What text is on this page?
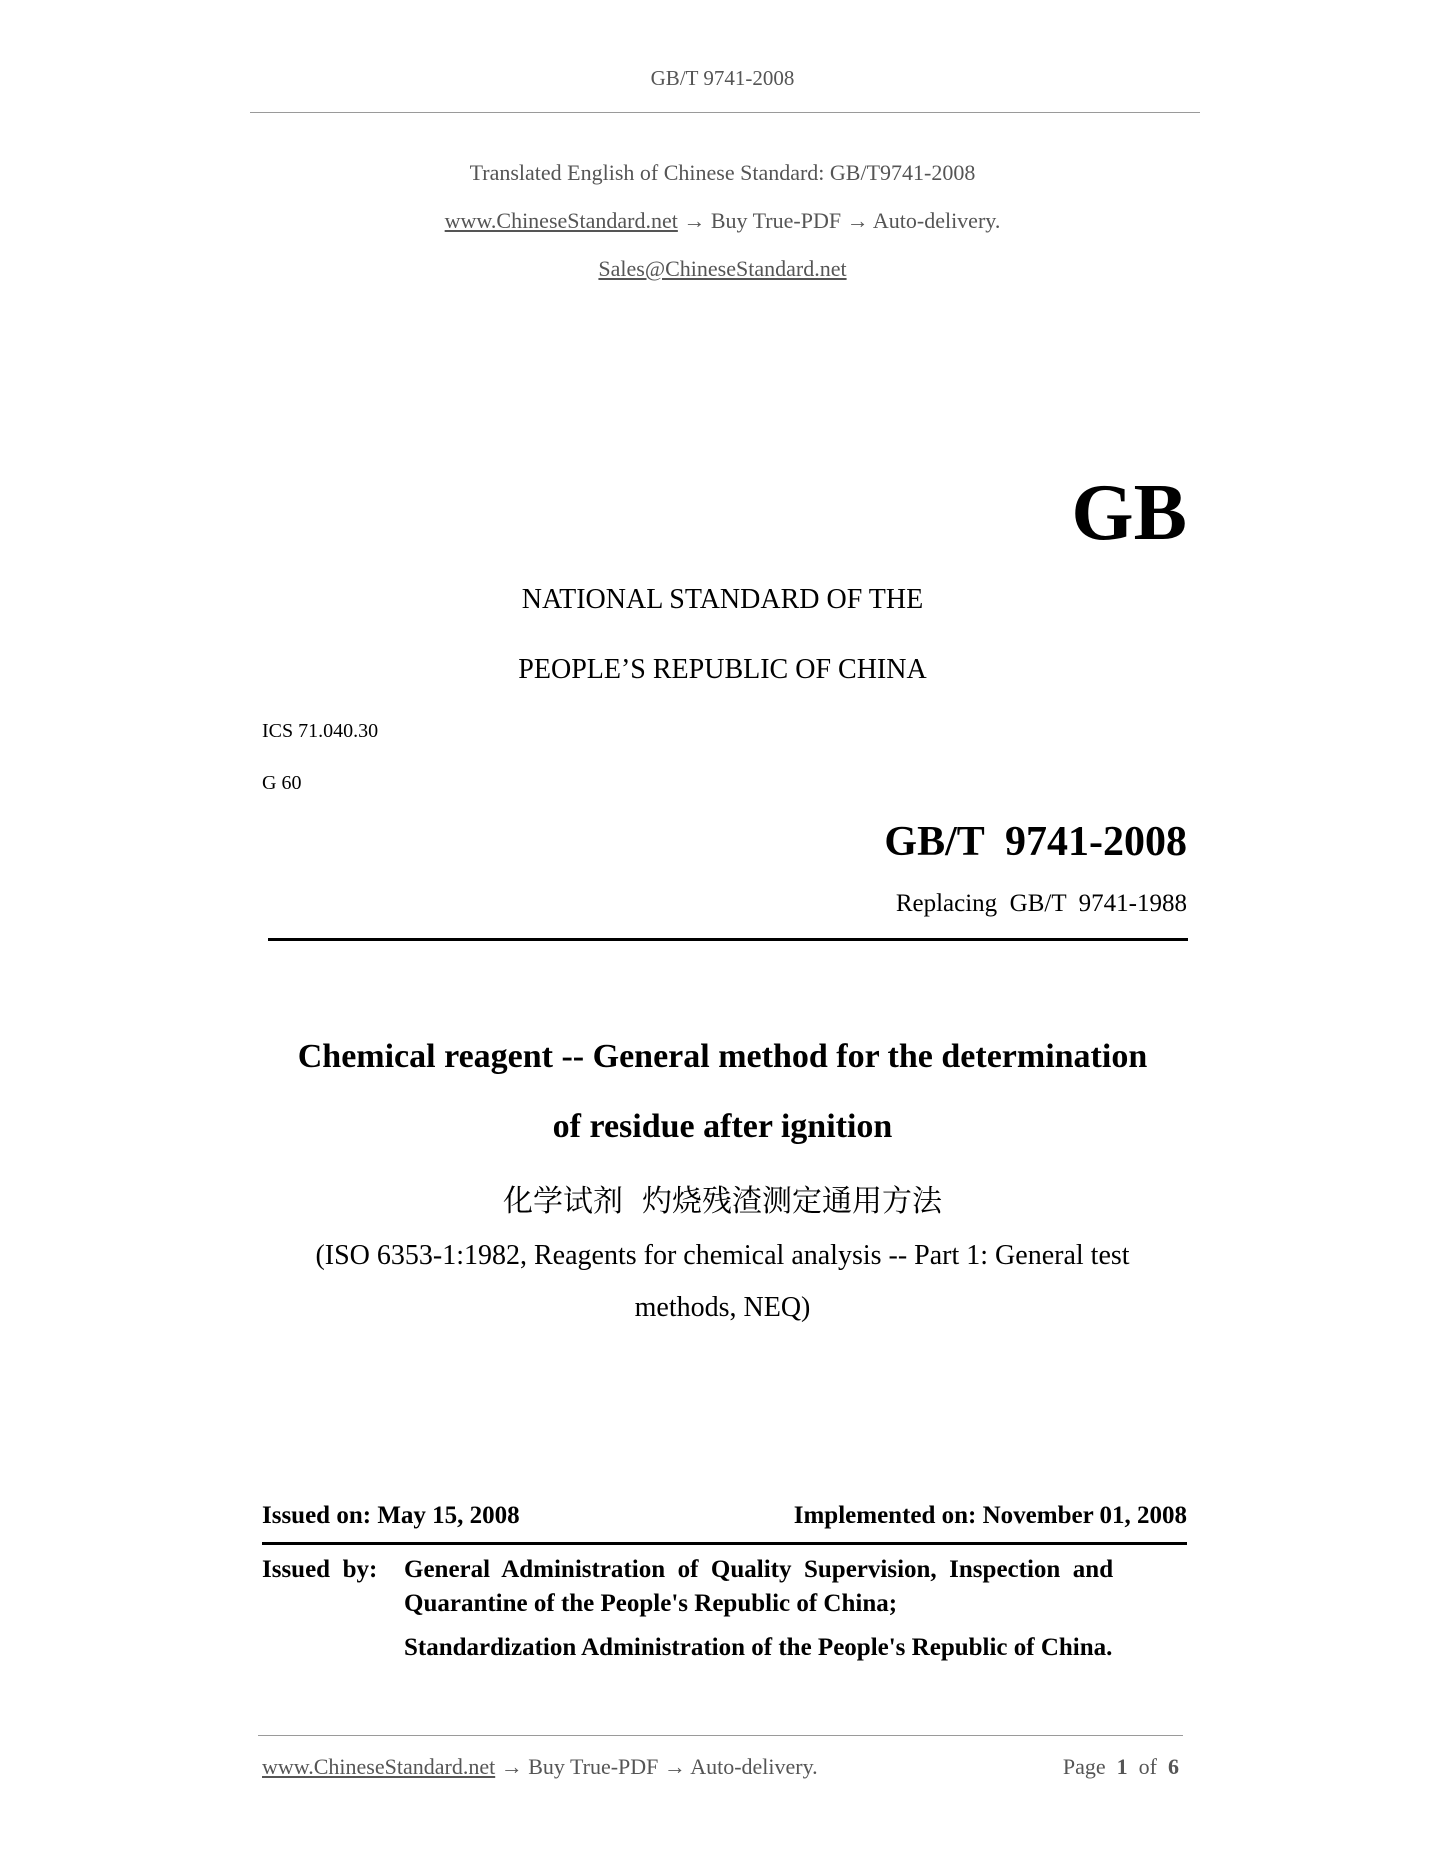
GB/T 9741-2008
Translated English of Chinese Standard: GB/T9741-2008
www.ChineseStandard.net → Buy True-PDF → Auto-delivery.
Sales@ChineseStandard.net
GB
NATIONAL STANDARD OF THE
PEOPLE’S REPUBLIC OF CHINA
ICS 71.040.30
G 60
GB/T  9741-2008
Replacing  GB/T  9741-1988
Chemical reagent -- General method for the determination
of residue after ignition
化学试剂  灼烧残渣测定通用方法
(ISO 6353-1:1982, Reagents for chemical analysis -- Part 1: General test
methods, NEQ)
Issued on: May 15, 2008	Implemented on: November 01, 2008
Issued  by: General  Administration  of  Quality  Supervision,  Inspection  and
Quarantine of the People's Republic of China;
Standardization Administration of the People's Republic of China.
www.ChineseStandard.net → Buy True-PDF → Auto-delivery.	Page 1 of 6
